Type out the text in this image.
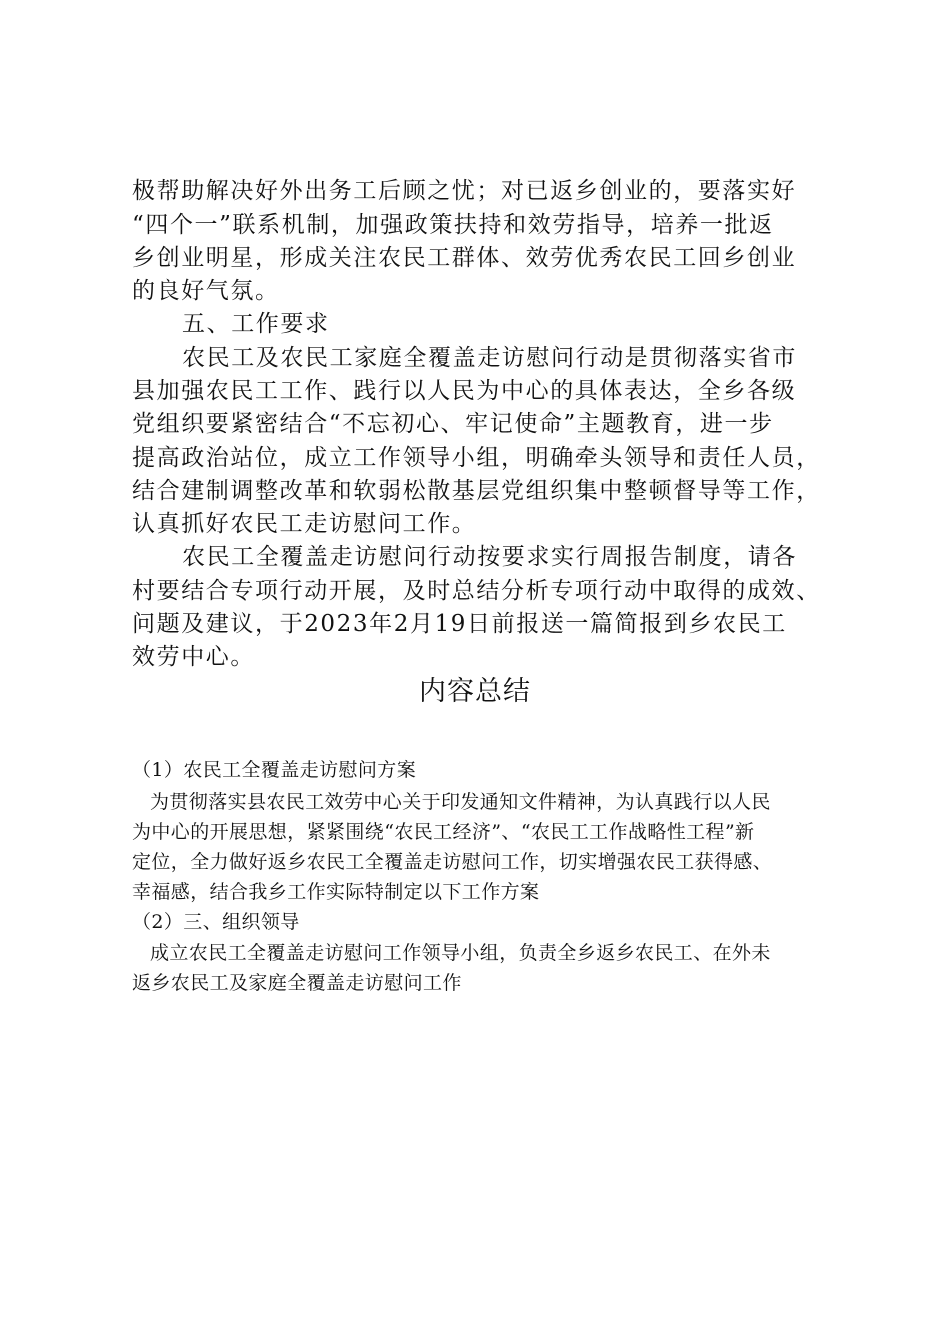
极帮助解决好外出务工后顾之忧；对已返乡创业的，要落实好
“四个一”联系机制，加强政策扶持和效劳指导，培养一批返
乡创业明星，形成关注农民工群体、效劳优秀农民工回乡创业
的良好气氛。
五、工作要求
农民工及农民工家庭全覆盖走访慰问行动是贯彻落实省市
县加强农民工工作、践行以人民为中心的具体表达，全乡各级
党组织要紧密结合“不忘初心、牢记使命”主题教育，进一步
提高政治站位，成立工作领导小组，明确牵头领导和责任人员，
结合建制调整改革和软弱松散基层党组织集中整顿督导等工作，
认真抓好农民工走访慰问工作。
农民工全覆盖走访慰问行动按要求实行周报告制度，请各
村要结合专项行动开展，及时总结分析专项行动中取得的成效、
问题及建议，于2023年2月19日前报送一篇简报到乡农民工
效劳中心。
内容总结
（1）农民工全覆盖走访慰问方案
为贯彻落实县农民工效劳中心关于印发通知文件精神，为认真践行以人民
为中心的开展思想，紧紧围绕“农民工经济”、“农民工工作战略性工程”新
定位，全力做好返乡农民工全覆盖走访慰问工作，切实增强农民工获得感、
幸福感，结合我乡工作实际特制定以下工作方案
（2）三、组织领导
成立农民工全覆盖走访慰问工作领导小组，负责全乡返乡农民工、在外未
返乡农民工及家庭全覆盖走访慰问工作
